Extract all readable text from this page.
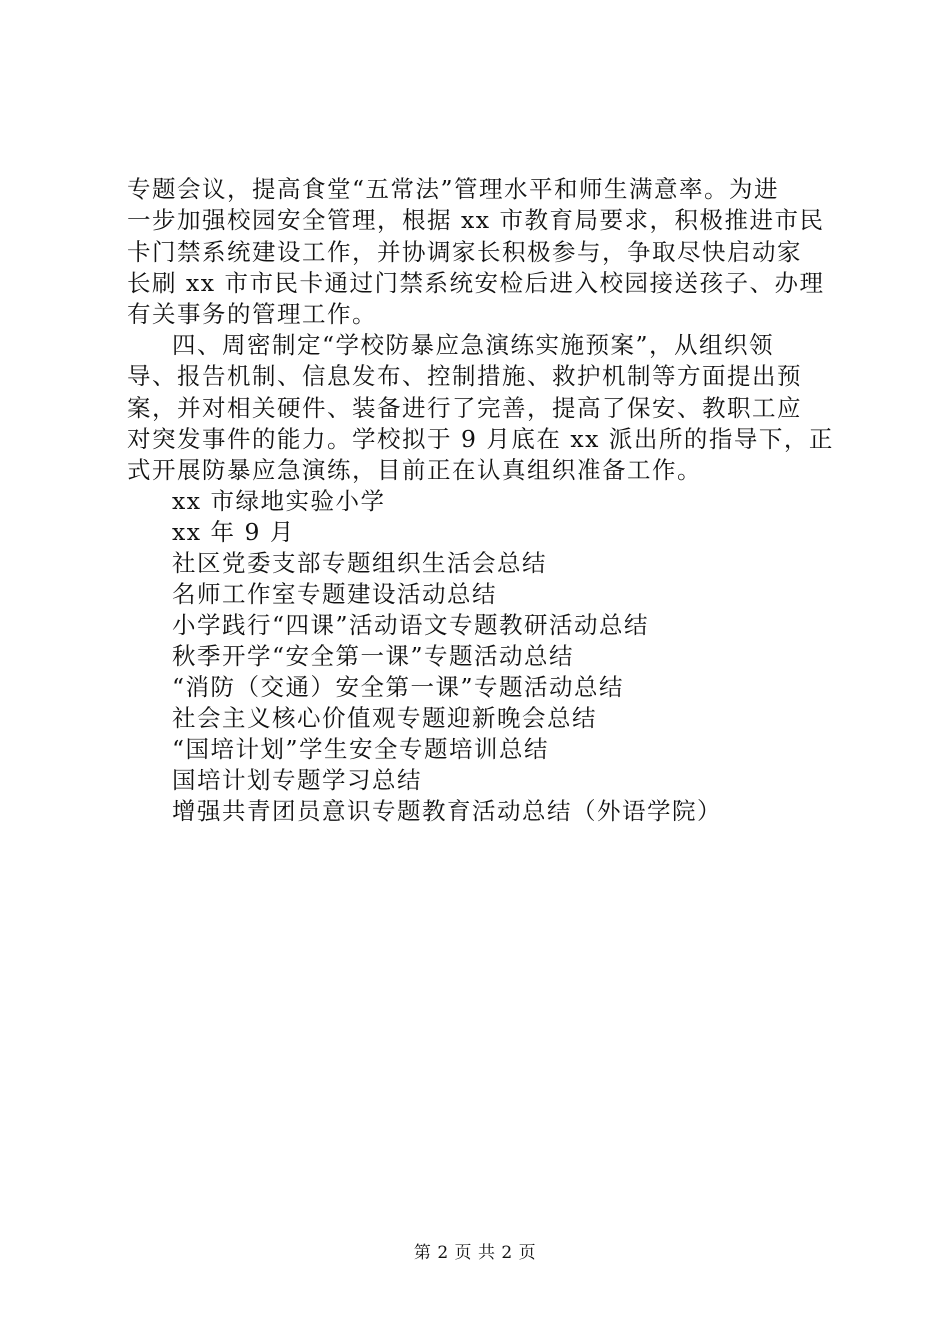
专题会议，提高食堂“五常法”管理水平和师生满意率。为进
一步加强校园安全管理，根据 xx 市教育局要求，积极推进市民
卡门禁系统建设工作，并协调家长积极参与，争取尽快启动家
长刷 xx 市市民卡通过门禁系统安检后进入校园接送孩子、办理
有关事务的管理工作。
四、周密制定“学校防暴应急演练实施预案”，从组织领
导、报告机制、信息发布、控制措施、救护机制等方面提出预
案，并对相关硬件、装备进行了完善，提高了保安、教职工应
对突发事件的能力。学校拟于 9 月底在 xx 派出所的指导下，正
式开展防暴应急演练，目前正在认真组织准备工作。
xx 市绿地实验小学
xx 年 9 月
社区党委支部专题组织生活会总结
名师工作室专题建设活动总结
小学践行“四课”活动语文专题教研活动总结
秋季开学“安全第一课”专题活动总结
“消防（交通）安全第一课”专题活动总结
社会主义核心价值观专题迎新晚会总结
“国培计划”学生安全专题培训总结
国培计划专题学习总结
增强共青团员意识专题教育活动总结（外语学院）
第 2 页 共 2 页
